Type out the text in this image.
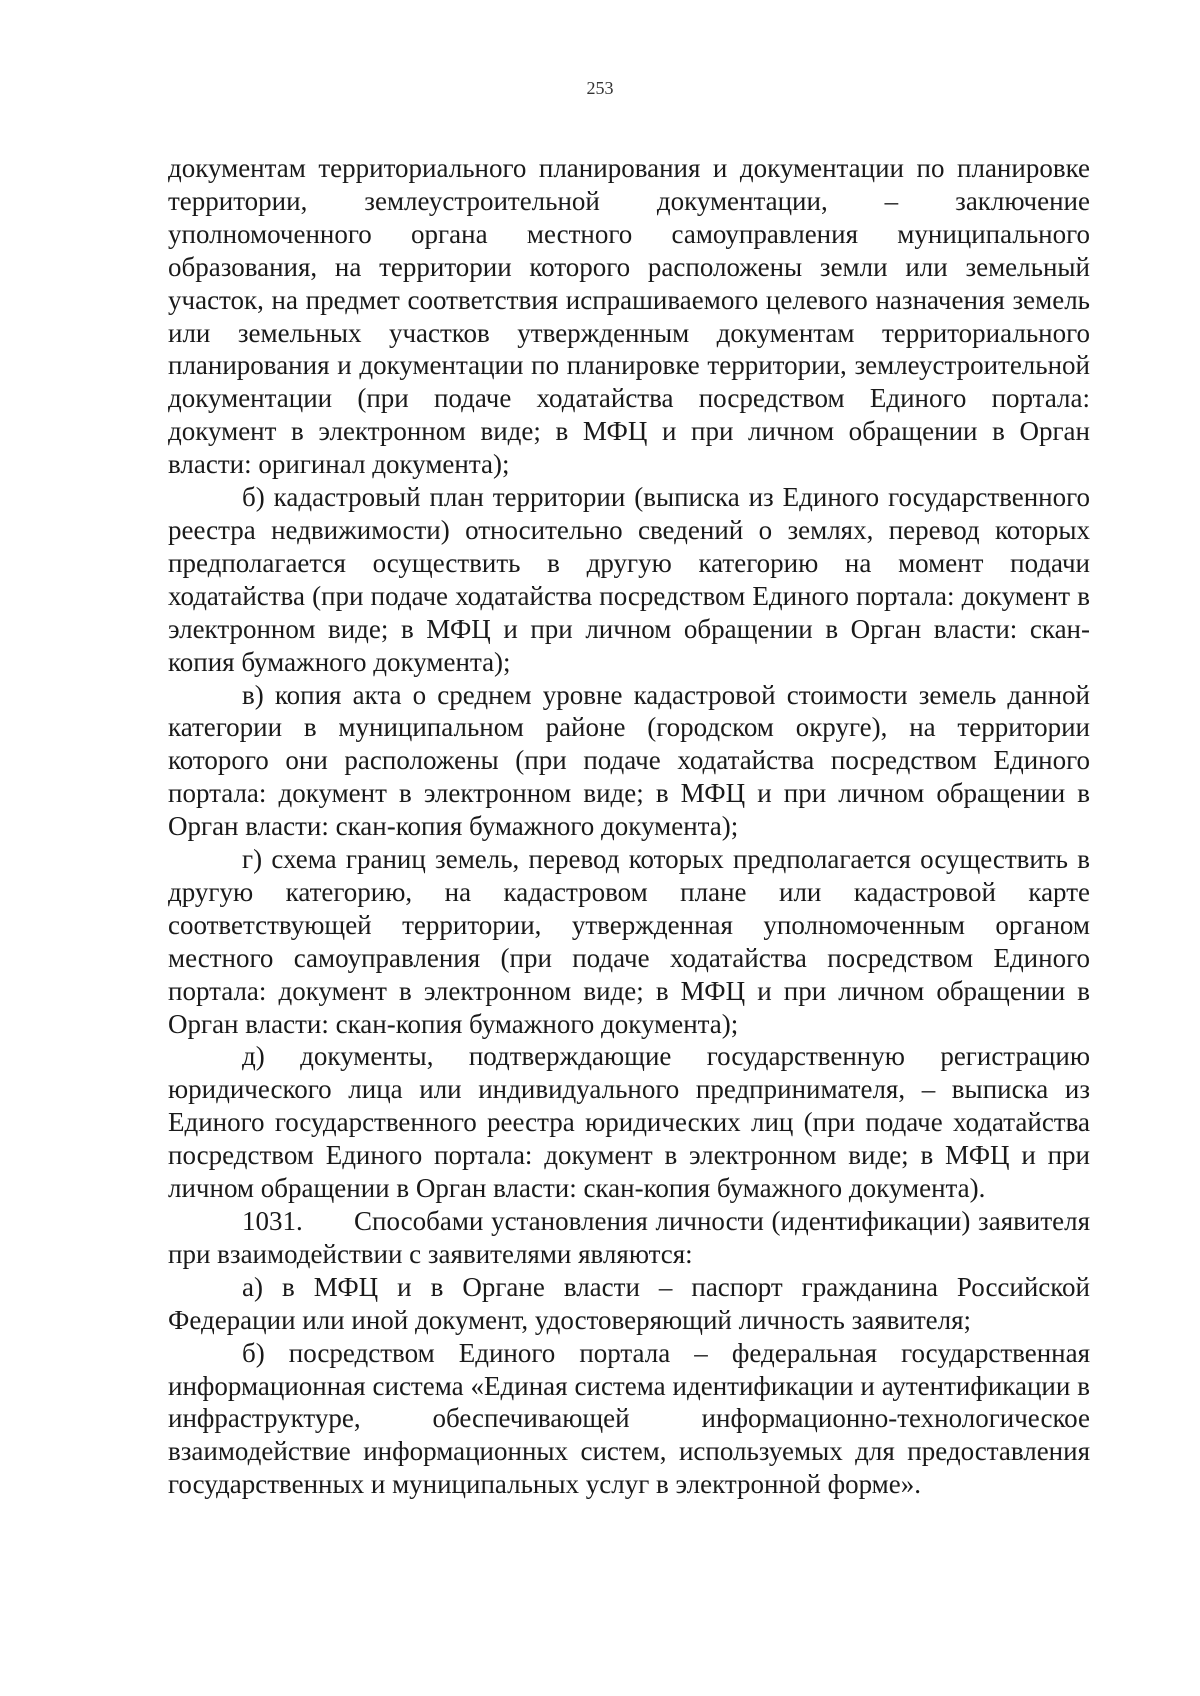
253

документам территориального планирования и документации по планировке территории, землеустроительной документации, – заключение уполномоченного органа местного самоуправления муниципального образования, на территории которого расположены земли или земельный участок, на предмет соответствия испрашиваемого целевого назначения земель или земельных участков утвержденным документам территориального планирования и документации по планировке территории, землеустроительной документации (при подаче ходатайства посредством Единого портала: документ в электронном виде; в МФЦ и при личном обращении в Орган власти: оригинал документа);

б) кадастровый план территории (выписка из Единого государственного реестра недвижимости) относительно сведений о землях, перевод которых предполагается осуществить в другую категорию на момент подачи ходатайства (при подаче ходатайства посредством Единого портала: документ в электронном виде; в МФЦ и при личном обращении в Орган власти: скан-копия бумажного документа);

в) копия акта о среднем уровне кадастровой стоимости земель данной категории в муниципальном районе (городском округе), на территории которого они расположены (при подаче ходатайства посредством Единого портала: документ в электронном виде; в МФЦ и при личном обращении в Орган власти: скан-копия бумажного документа);

г) схема границ земель, перевод которых предполагается осуществить в другую категорию, на кадастровом плане или кадастровой карте соответствующей территории, утвержденная уполномоченным органом местного самоуправления (при подаче ходатайства посредством Единого портала: документ в электронном виде; в МФЦ и при личном обращении в Орган власти: скан-копия бумажного документа);

д) документы, подтверждающие государственную регистрацию юридического лица или индивидуального предпринимателя, – выписка из Единого государственного реестра юридических лиц (при подаче ходатайства посредством Единого портала: документ в электронном виде; в МФЦ и при личном обращении в Орган власти: скан-копия бумажного документа).

1031. Способами установления личности (идентификации) заявителя при взаимодействии с заявителями являются:

а) в МФЦ и в Органе власти – паспорт гражданина Российской Федерации или иной документ, удостоверяющий личность заявителя;

б) посредством Единого портала – федеральная государственная информационная система «Единая система идентификации и аутентификации в инфраструктуре, обеспечивающей информационно-технологическое взаимодействие информационных систем, используемых для предоставления государственных и муниципальных услуг в электронной форме».
